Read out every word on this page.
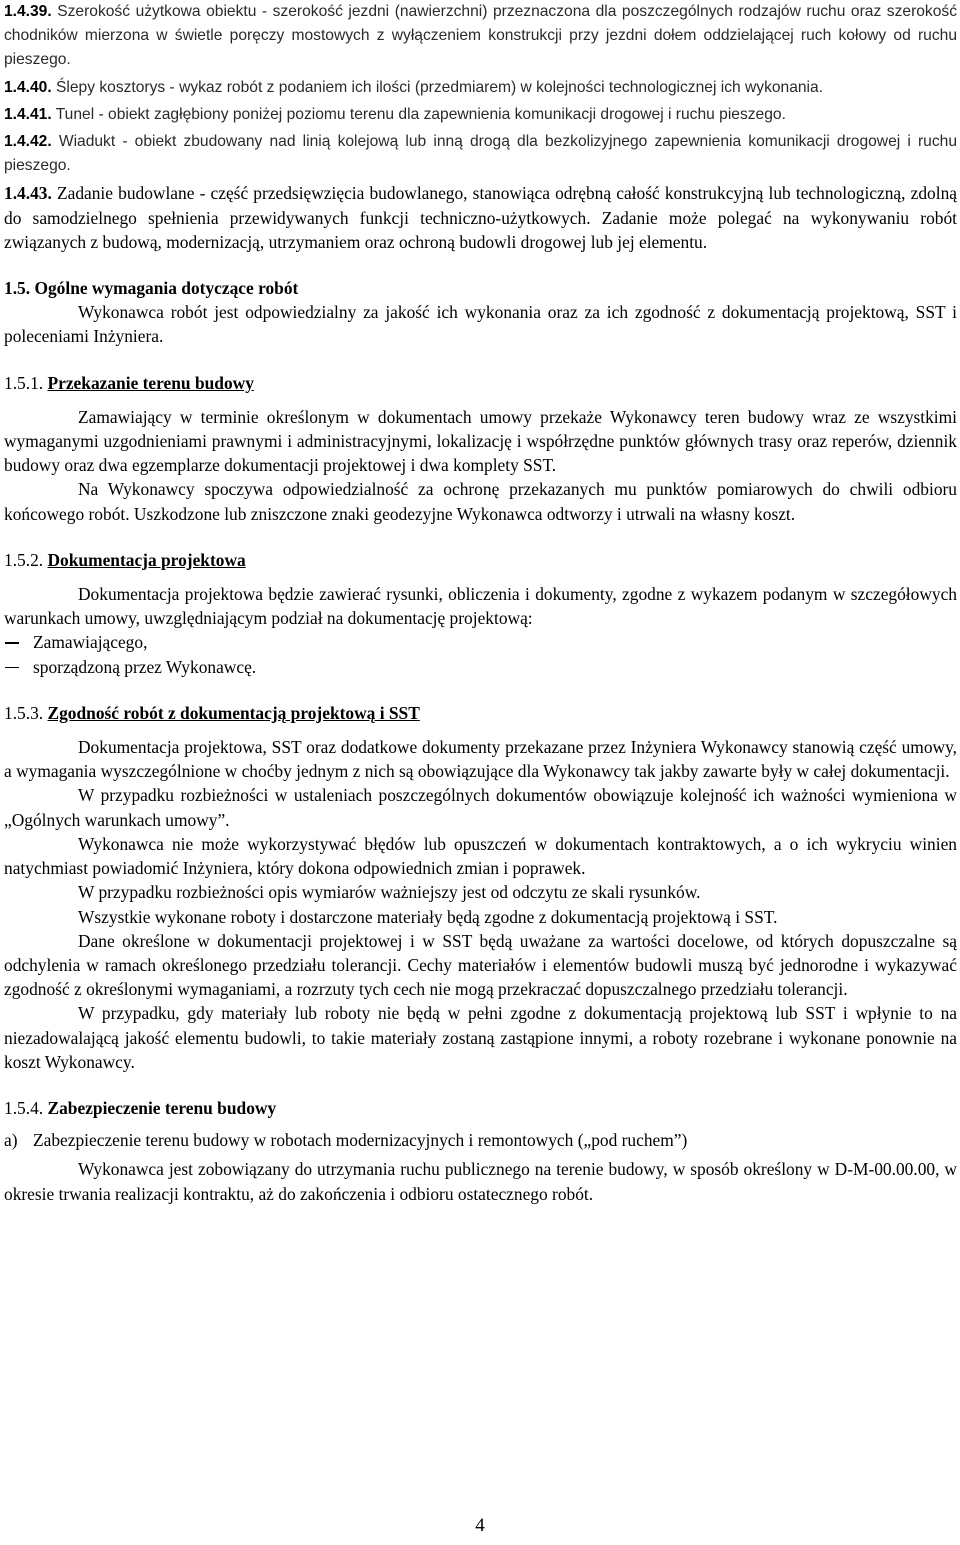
1.4.39. Szerokość użytkowa obiektu - szerokość jezdni (nawierzchni) przeznaczona dla poszczególnych rodzajów ruchu oraz szerokość chodników mierzona w świetle poręczy mostowych z wyłączeniem konstrukcji przy jezdni dołem oddzielającej ruch kołowy od ruchu pieszego.

1.4.40. Ślepy kosztorys - wykaz robót z podaniem ich ilości (przedmiarem) w kolejności technologicznej ich wykonania.

1.4.41. Tunel - obiekt zagłębiony poniżej poziomu terenu dla zapewnienia komunikacji drogowej i ruchu pieszego.

1.4.42. Wiadukt - obiekt zbudowany nad linią kolejową lub inną drogą dla bezkolizyjnego zapewnienia komunikacji drogowej i ruchu pieszego.

1.4.43. Zadanie budowlane - część przedsięwzięcia budowlanego, stanowiąca odrębną całość konstrukcyjną lub technologiczną, zdolną do samodzielnego spełnienia przewidywanych funkcji techniczno-użytkowych. Zadanie może polegać na wykonywaniu robót związanych z budową, modernizacją, utrzymaniem oraz ochroną budowli drogowej lub jej elementu.

1.5. Ogólne wymagania dotyczące robót

Wykonawca robót jest odpowiedzialny za jakość ich wykonania oraz za ich zgodność z dokumentacją projektową, SST i poleceniami Inżyniera.

1.5.1. Przekazanie terenu budowy

Zamawiający w terminie określonym w dokumentach umowy przekaże Wykonawcy teren budowy wraz ze wszystkimi wymaganymi uzgodnieniami prawnymi i administracyjnymi, lokalizację i współrzędne punktów głównych trasy oraz reperów, dziennik budowy oraz dwa egzemplarze dokumentacji projektowej i dwa komplety SST.

Na Wykonawcy spoczywa odpowiedzialność za ochronę przekazanych mu punktów pomiarowych do chwili odbioru końcowego robót. Uszkodzone lub zniszczone znaki geodezyjne Wykonawca odtworzy i utrwali na własny koszt.

1.5.2. Dokumentacja projektowa

Dokumentacja projektowa będzie zawierać rysunki, obliczenia i dokumenty, zgodne z wykazem podanym w szczegółowych warunkach umowy, uwzględniającym podział na dokumentację projektową:

Zamawiającego,
sporządzoną przez Wykonawcę.

1.5.3. Zgodność robót z dokumentacją projektową i SST

Dokumentacja projektowa, SST oraz dodatkowe dokumenty przekazane przez Inżyniera Wykonawcy stanowią część umowy, a wymagania wyszczególnione w choćby jednym z nich są obowiązujące dla Wykonawcy tak jakby zawarte były w całej dokumentacji.

W przypadku rozbieżności w ustaleniach poszczególnych dokumentów obowiązuje kolejność ich ważności wymieniona w „Ogólnych warunkach umowy”.

Wykonawca nie może wykorzystywać błędów lub opuszczeń w dokumentach kontraktowych, a o ich wykryciu winien natychmiast powiadomić Inżyniera, który dokona odpowiednich zmian i poprawek.

W przypadku rozbieżności opis wymiarów ważniejszy jest od odczytu ze skali rysunków.

Wszystkie wykonane roboty i dostarczone materiały będą zgodne z dokumentacją projektową i SST.

Dane określone w dokumentacji projektowej i w SST będą uważane za wartości docelowe, od których dopuszczalne są odchylenia w ramach określonego przedziału tolerancji. Cechy materiałów i elementów budowli muszą być jednorodne i wykazywać zgodność z określonymi wymaganiami, a rozrzuty tych cech nie mogą przekraczać dopuszczalnego przedziału tolerancji.

W przypadku, gdy materiały lub roboty nie będą w pełni zgodne z dokumentacją projektową lub SST i wpłynie to na niezadowalającą jakość elementu budowli, to takie materiały zostaną zastąpione innymi, a roboty rozebrane i wykonane ponownie na koszt Wykonawcy.

1.5.4. Zabezpieczenie terenu budowy

a) Zabezpieczenie terenu budowy w robotach modernizacyjnych i remontowych („pod ruchem”)

Wykonawca jest zobowiązany do utrzymania ruchu publicznego na terenie budowy, w sposób określony w D-M-00.00.00, w okresie trwania realizacji kontraktu, aż do zakończenia i odbioru ostatecznego robót.

4
